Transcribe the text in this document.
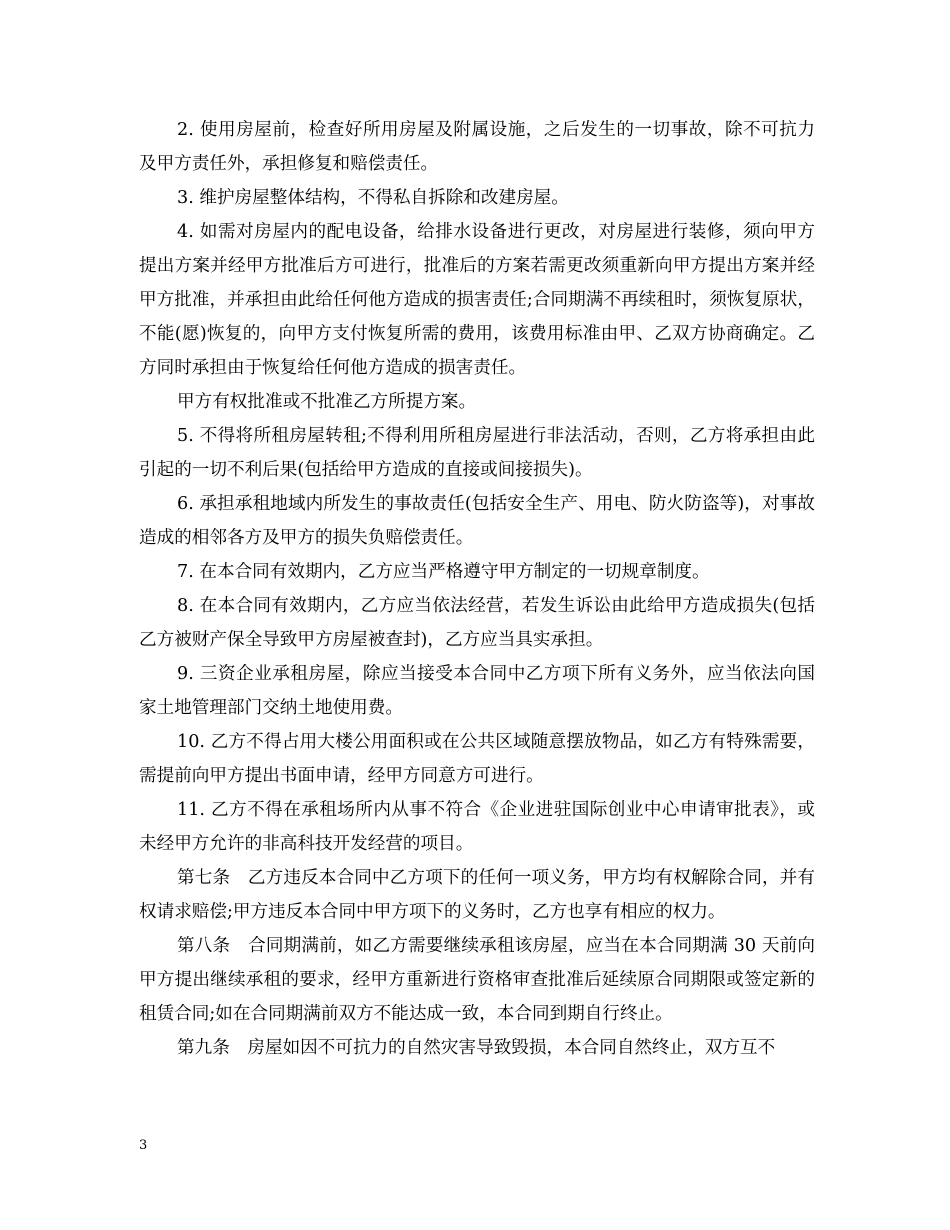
2. 使用房屋前，检查好所用房屋及附属设施，之后发生的一切事故，除不可抗力及甲方责任外，承担修复和赔偿责任。

3. 维护房屋整体结构，不得私自拆除和改建房屋。

4. 如需对房屋内的配电设备，给排水设备进行更改，对房屋进行装修，须向甲方提出方案并经甲方批准后方可进行，批准后的方案若需更改须重新向甲方提出方案并经甲方批准，并承担由此给任何他方造成的损害责任;合同期满不再续租时，须恢复原状，不能(愿)恢复的，向甲方支付恢复所需的费用，该费用标准由甲、乙双方协商确定。乙方同时承担由于恢复给任何他方造成的损害责任。

甲方有权批准或不批准乙方所提方案。

5. 不得将所租房屋转租;不得利用所租房屋进行非法活动，否则，乙方将承担由此引起的一切不利后果(包括给甲方造成的直接或间接损失)。

6. 承担承租地域内所发生的事故责任(包括安全生产、用电、防火防盗等)，对事故造成的相邻各方及甲方的损失负赔偿责任。

7. 在本合同有效期内，乙方应当严格遵守甲方制定的一切规章制度。

8. 在本合同有效期内，乙方应当依法经营，若发生诉讼由此给甲方造成损失(包括乙方被财产保全导致甲方房屋被查封)，乙方应当具实承担。

9. 三资企业承租房屋，除应当接受本合同中乙方项下所有义务外，应当依法向国家土地管理部门交纳土地使用费。

10. 乙方不得占用大楼公用面积或在公共区域随意摆放物品，如乙方有特殊需要，需提前向甲方提出书面申请，经甲方同意方可进行。

11. 乙方不得在承租场所内从事不符合《企业进驻国际创业中心申请审批表》，或未经甲方允许的非高科技开发经营的项目。

第七条　乙方违反本合同中乙方项下的任何一项义务，甲方均有权解除合同，并有权请求赔偿;甲方违反本合同中甲方项下的义务时，乙方也享有相应的权力。

第八条　合同期满前，如乙方需要继续承租该房屋，应当在本合同期满 30 天前向甲方提出继续承租的要求，经甲方重新进行资格审查批准后延续原合同期限或签定新的租赁合同;如在合同期满前双方不能达成一致，本合同到期自行终止。

第九条　房屋如因不可抗力的自然灾害导致毁损，本合同自然终止，双方互不

3
